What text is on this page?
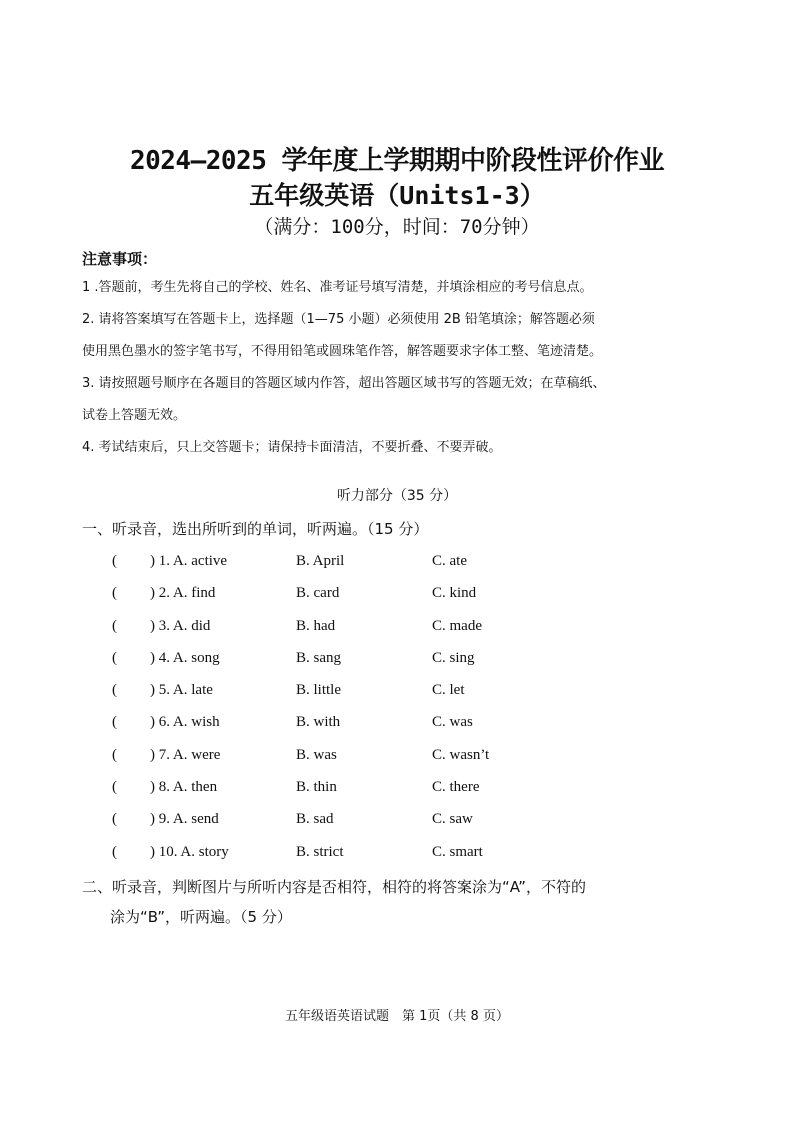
2024—2025 学年度上学期期中阶段性评价作业
五年级英语（Units1-3）
（满分：100分，时间：70分钟）
注意事项：
1 .答题前，考生先将自己的学校、姓名、准考证号填写清楚，并填涂相应的考号信息点。
2. 请将答案填写在答题卡上，选择题（1—75 小题）必须使用 2B 铅笔填涂；解答题必须
使用黑色墨水的签字笔书写，不得用铅笔或圆珠笔作答，解答题要求字体工整、笔迹清楚。
3. 请按照题号顺序在各题目的答题区域内作答，超出答题区域书写的答题无效；在草稿纸、
试卷上答题无效。
4. 考试结束后，只上交答题卡；请保持卡面清洁，不要折叠、不要弄破。
听力部分（35 分）
一、听录音，选出所听到的单词，听两遍。（15 分）
( ) 1. A. active	B. April	C. ate
( ) 2. A. find	B. card	C. kind
( ) 3. A. did	B. had	C. made
( ) 4. A. song	B. sang	C. sing
( ) 5. A. late	B. little	C. let
( ) 6. A. wish	B. with	C. was
( ) 7. A. were	B. was	C. wasn’t
( ) 8. A. then	B. thin	C. there
( ) 9. A. send	B. sad	C. saw
( ) 10. A. story	B. strict	C. smart
二、听录音，判断图片与所听内容是否相符，相符的将答案涂为“A”，不符的
涂为“B”，听两遍。（5 分）
五年级语英语试题　第 1页（共 8 页）
